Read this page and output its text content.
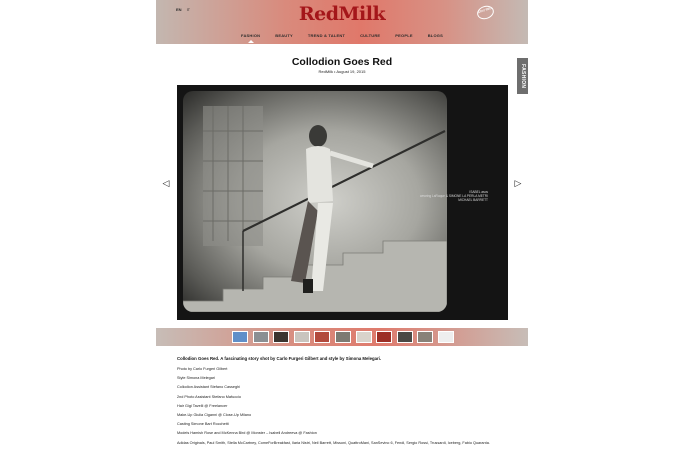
EN IT	RedMilk	STAY RED
FASHION	BEAUTY	TREND & TALENT	CULTURE	PEOPLE	BLOGS
FASHION
Collodion Goes Red
RedMilk • August 19, 2015
◁
ISABEL asos
wearing LaRoque & SIMONE LA PERLA METRI
MICHAEL BARRETT
▷
Collodion Goes Red. A fascinating story shot by Carlo Furgeri Gilbert and style by Simona Melegari.
Photo by Carlo Furgeri Gilbert
Style Simona Melegari
Collodion Assistant Stefano Casseghi
2nd Photo Assistant Stefano Mafuccio
Hair Gigi Tavelli @ Freelancer
Make-Up Giulia Ciganni @ Close-Up Milano
Casting Simone Bart Rocchetti
Models Hamish Rose and McKenna Bird @ Monster – Isabell Andreeva @ Fashion
Adidas Originals, Paul Smith, Stella McCartney, ComeForBreakfast, Ilaria Nistri, Neil Barrett, Missoni, QuattroMani, SanSevino 6, Fendi, Sergio Rossi, Trussardi, Iceberg, Fabio Quaranta.
